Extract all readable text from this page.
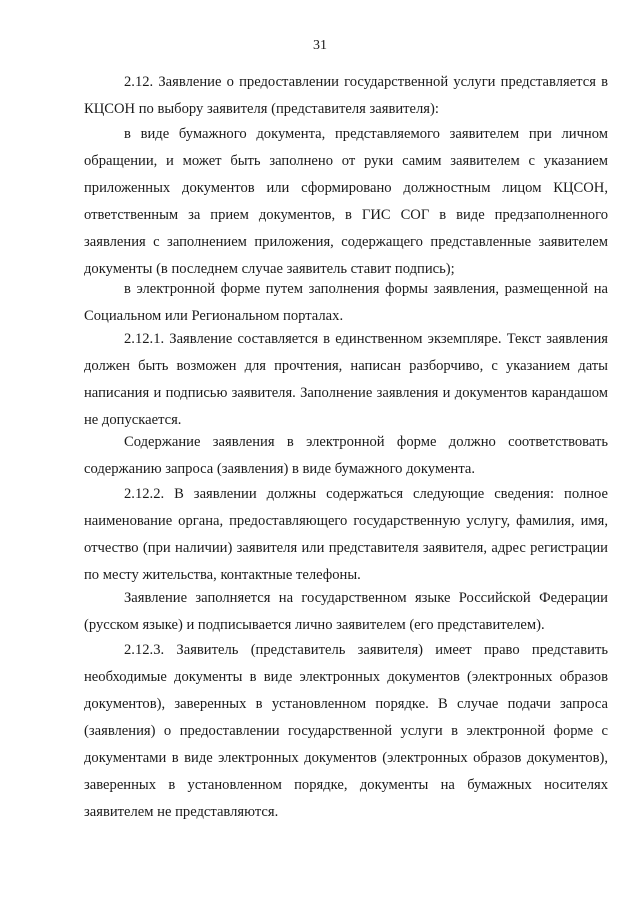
31

2.12. Заявление о предоставлении государственной услуги представляется в КЦСОН по выбору заявителя (представителя заявителя):

в виде бумажного документа, представляемого заявителем при личном обращении, и может быть заполнено от руки самим заявителем с указанием приложенных документов или сформировано должностным лицом КЦСОН, ответственным за прием документов, в ГИС СОГ в виде предзаполненного заявления с заполнением приложения, содержащего представленные заявителем документы (в последнем случае заявитель ставит подпись);

в электронной форме путем заполнения формы заявления, размещенной на Социальном или Региональном порталах.

2.12.1. Заявление составляется в единственном экземпляре. Текст заявления должен быть возможен для прочтения, написан разборчиво, с указанием даты написания и подписью заявителя. Заполнение заявления и документов карандашом не допускается.

Содержание заявления в электронной форме должно соответствовать содержанию запроса (заявления) в виде бумажного документа.

2.12.2. В заявлении должны содержаться следующие сведения: полное наименование органа, предоставляющего государственную услугу, фамилия, имя, отчество (при наличии) заявителя или представителя заявителя, адрес регистрации по месту жительства, контактные телефоны.

Заявление заполняется на государственном языке Российской Федерации (русском языке) и подписывается лично заявителем (его представителем).

2.12.3. Заявитель (представитель заявителя) имеет право представить необходимые документы в виде электронных документов (электронных образов документов), заверенных в установленном порядке. В случае подачи запроса (заявления) о предоставлении государственной услуги в электронной форме с документами в виде электронных документов (электронных образов документов), заверенных в установленном порядке, документы на бумажных носителях заявителем не представляются.
